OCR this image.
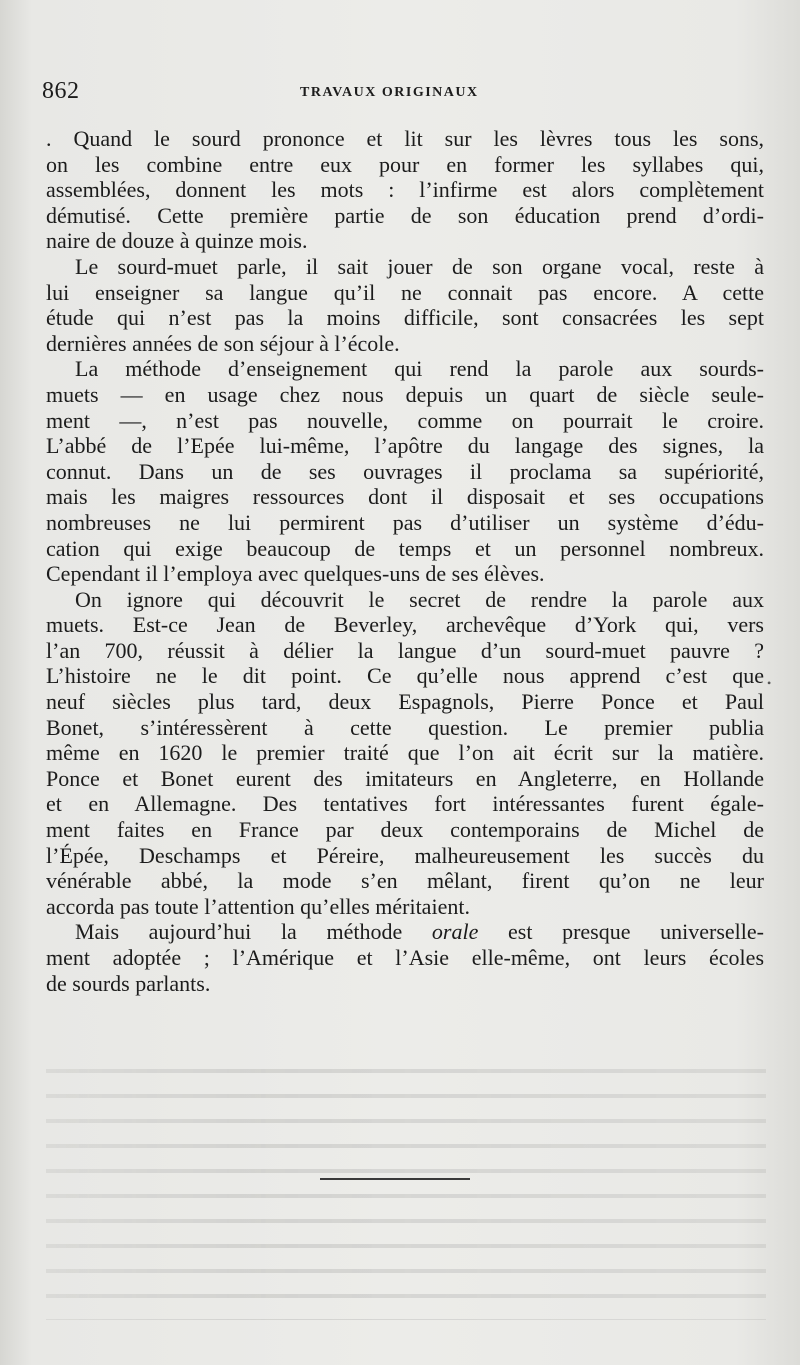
862	TRAVAUX ORIGINAUX
. Quand le sourd prononce et lit sur les lèvres tous les sons,
on les combine entre eux pour en former les syllabes qui,
assemblées, donnent les mots : l’infirme est alors complètement
démutisé. Cette première partie de son éducation prend d’ordi-
naire de douze à quinze mois.
Le sourd-muet parle, il sait jouer de son organe vocal, reste à
lui enseigner sa langue qu’il ne connait pas encore. A cette
étude qui n’est pas la moins difficile, sont consacrées les sept
dernières années de son séjour à l’école.
La méthode d’enseignement qui rend la parole aux sourds-
muets — en usage chez nous depuis un quart de siècle seule-
ment —, n’est pas nouvelle, comme on pourrait le croire.
L’abbé de l’Epée lui-même, l’apôtre du langage des signes, la
connut. Dans un de ses ouvrages il proclama sa supériorité,
mais les maigres ressources dont il disposait et ses occupations
nombreuses ne lui permirent pas d’utiliser un système d’édu-
cation qui exige beaucoup de temps et un personnel nombreux.
Cependant il l’employa avec quelques-uns de ses élèves.
On ignore qui découvrit le secret de rendre la parole aux
muets. Est-ce Jean de Beverley, archevêque d’York qui, vers
l’an 700, réussit à délier la langue d’un sourd-muet pauvre ?
L’histoire ne le dit point. Ce qu’elle nous apprend c’est que
neuf siècles plus tard, deux Espagnols, Pierre Ponce et Paul
Bonet, s’intéressèrent à cette question. Le premier publia
même en 1620 le premier traité que l’on ait écrit sur la matière.
Ponce et Bonet eurent des imitateurs en Angleterre, en Hollande
et en Allemagne. Des tentatives fort intéressantes furent égale-
ment faites en France par deux contemporains de Michel de
l’Épée, Deschamps et Péreire, malheureusement les succès du
vénérable abbé, la mode s’en mêlant, firent qu’on ne leur
accorda pas toute l’attention qu’elles méritaient.
Mais aujourd’hui la méthode orale est presque universelle-
ment adoptée ; l’Amérique et l’Asie elle-même, ont leurs écoles
de sourds parlants.
•
